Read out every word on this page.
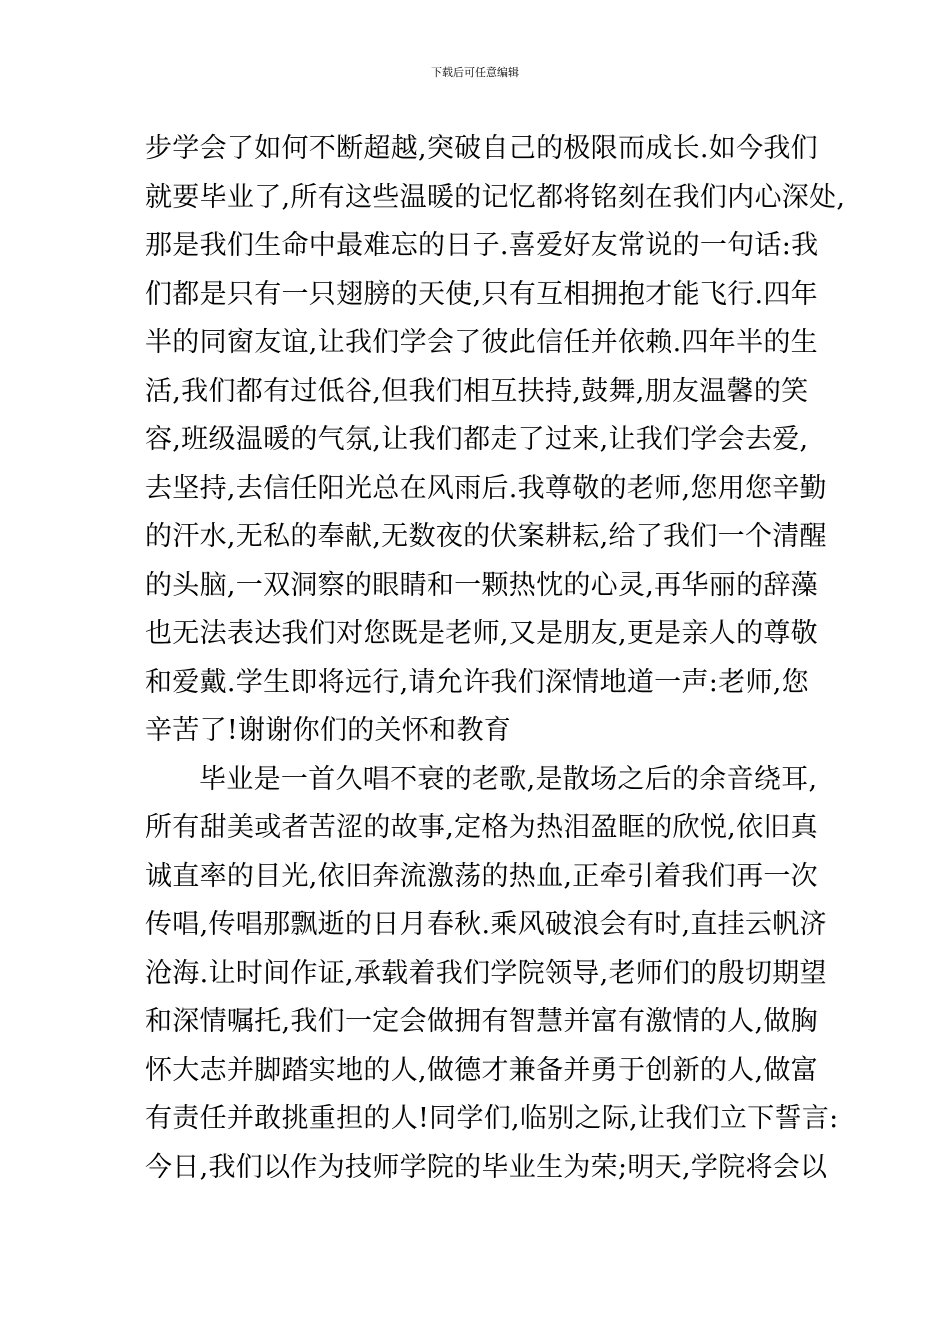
下载后可任意编辑
步学会了如何不断超越,突破自己的极限而成长.如今我们
就要毕业了,所有这些温暖的记忆都将铭刻在我们内心深处,
那是我们生命中最难忘的日子.喜爱好友常说的一句话:我
们都是只有一只翅膀的天使,只有互相拥抱才能飞行.四年
半的同窗友谊,让我们学会了彼此信任并依赖.四年半的生
活,我们都有过低谷,但我们相互扶持,鼓舞,朋友温馨的笑
容,班级温暖的气氛,让我们都走了过来,让我们学会去爱,
去坚持,去信任阳光总在风雨后.我尊敬的老师,您用您辛勤
的汗水,无私的奉献,无数夜的伏案耕耘,给了我们一个清醒
的头脑,一双洞察的眼睛和一颗热忱的心灵,再华丽的辞藻
也无法表达我们对您既是老师,又是朋友,更是亲人的尊敬
和爱戴.学生即将远行,请允许我们深情地道一声:老师,您
辛苦了!谢谢你们的关怀和教育
毕业是一首久唱不衰的老歌,是散场之后的余音绕耳,
所有甜美或者苦涩的故事,定格为热泪盈眶的欣悦,依旧真
诚直率的目光,依旧奔流激荡的热血,正牵引着我们再一次
传唱,传唱那飘逝的日月春秋.乘风破浪会有时,直挂云帆济
沧海.让时间作证,承载着我们学院领导,老师们的殷切期望
和深情嘱托,我们一定会做拥有智慧并富有激情的人,做胸
怀大志并脚踏实地的人,做德才兼备并勇于创新的人,做富
有责任并敢挑重担的人!同学们,临别之际,让我们立下誓言:
今日,我们以作为技师学院的毕业生为荣;明天,学院将会以
